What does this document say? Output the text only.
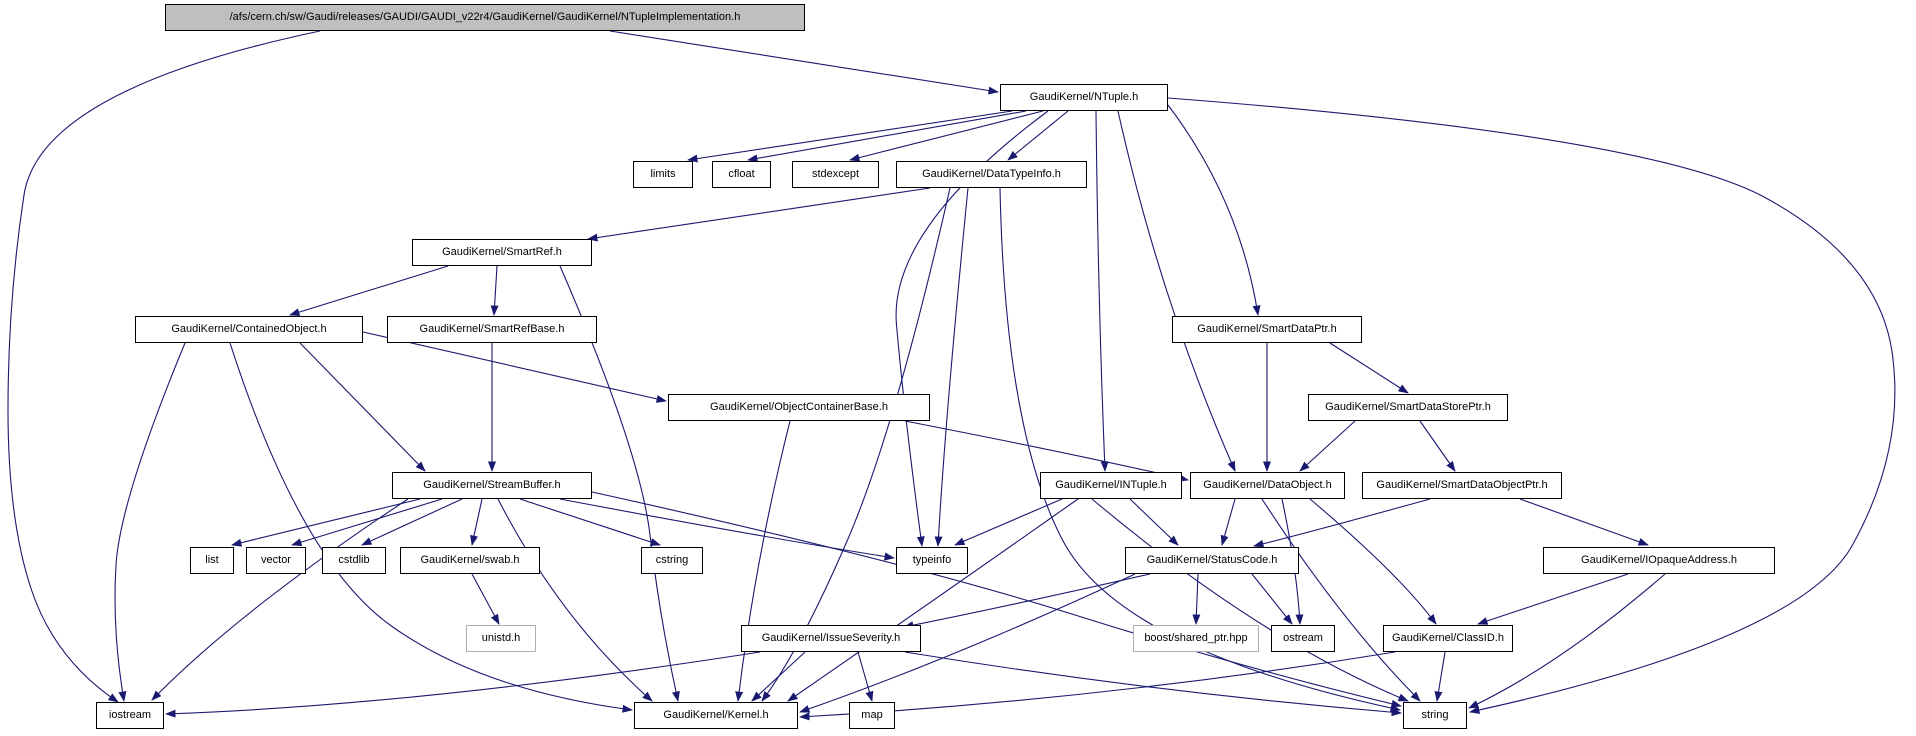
/afs/cern.ch/sw/Gaudi/releases/GAUDI/GAUDI_v22r4/GaudiKernel/GaudiKernel/NTupleImplementation.h
GaudiKernel/NTuple.h
limits	cfloat	stdexcept	GaudiKernel/DataTypeInfo.h
GaudiKernel/SmartRef.h
GaudiKernel/ContainedObject.h	GaudiKernel/SmartRefBase.h	GaudiKernel/SmartDataPtr.h
GaudiKernel/ObjectContainerBase.h	GaudiKernel/SmartDataStorePtr.h
GaudiKernel/StreamBuffer.h	GaudiKernel/INTuple.h	GaudiKernel/DataObject.h	GaudiKernel/SmartDataObjectPtr.h
list	vector	cstdlib	GaudiKernel/swab.h	cstring	typeinfo	GaudiKernel/StatusCode.h	GaudiKernel/IOpaqueAddress.h
unistd.h	GaudiKernel/IssueSeverity.h	boost/shared_ptr.hpp	ostream	GaudiKernel/ClassID.h
iostream	GaudiKernel/Kernel.h	map	string
